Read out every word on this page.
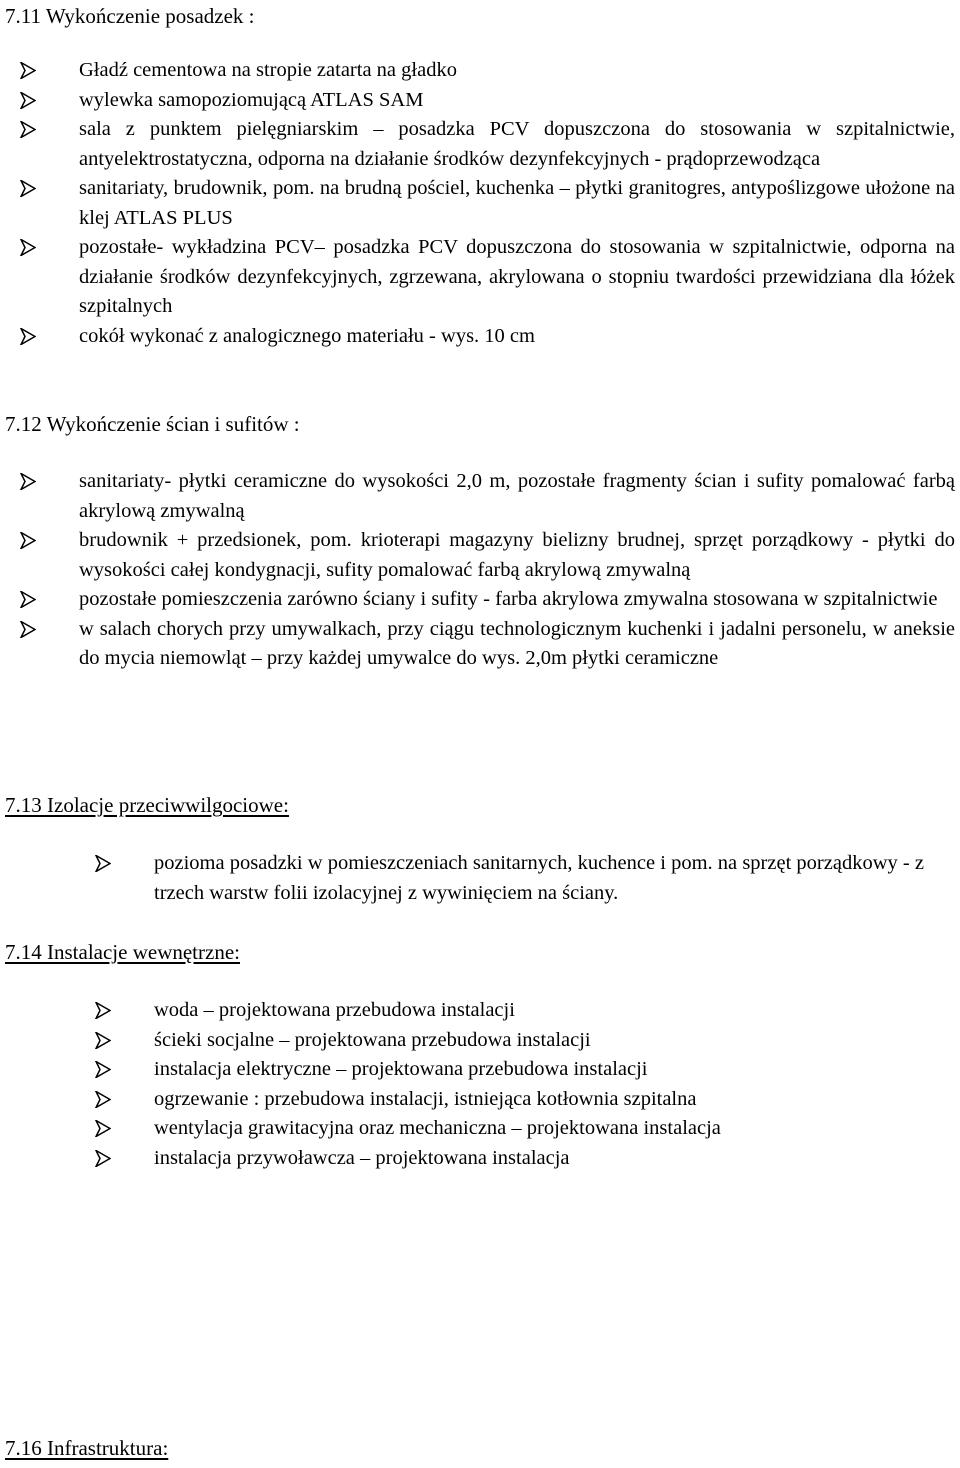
7.11 Wykończenie posadzek :
Gładź cementowa na stropie zatarta na gładko
wylewka samopoziomującą ATLAS SAM
sala z punktem pielęgniarskim – posadzka PCV dopuszczona do stosowania w szpitalnictwie, antyelektrostatyczna, odporna na działanie środków dezynfekcyjnych - prądoprzewodząca
sanitariaty, brudownik, pom. na brudną pościel, kuchenka – płytki granitogres, antypoślizgowe ułożone na klej ATLAS PLUS
pozostałe- wykładzina PCV– posadzka PCV dopuszczona do stosowania w szpitalnictwie, odporna na działanie środków dezynfekcyjnych, zgrzewana, akrylowana o stopniu twardości przewidziana dla łóżek szpitalnych
cokół wykonać z analogicznego materiału - wys. 10 cm
7.12 Wykończenie ścian i sufitów :
sanitariaty- płytki ceramiczne do wysokości 2,0 m, pozostałe fragmenty ścian i sufity pomalować farbą akrylową zmywalną
brudownik + przedsionek, pom. krioterapi magazyny bielizny brudnej, sprzęt porządkowy - płytki do wysokości całej kondygnacji, sufity pomalować farbą akrylową zmywalną
pozostałe pomieszczenia zarówno ściany i sufity - farba akrylowa zmywalna stosowana w szpitalnictwie
w salach chorych przy umywalkach, przy ciągu technologicznym kuchenki i jadalni personelu, w aneksie do mycia niemowląt – przy każdej umywalce do wys. 2,0m płytki ceramiczne
7.13 Izolacje przeciwwilgociowe:
pozioma posadzki w pomieszczeniach sanitarnych, kuchence i pom. na sprzęt porządkowy - z trzech warstw folii izolacyjnej z wywinięciem na ściany.
7.14 Instalacje wewnętrzne:
woda – projektowana przebudowa instalacji
ścieki socjalne – projektowana przebudowa instalacji
instalacja elektryczne – projektowana przebudowa instalacji
ogrzewanie : przebudowa instalacji, istniejąca kotłownia szpitalna
wentylacja grawitacyjna oraz mechaniczna – projektowana instalacja
instalacja przywoławcza – projektowana instalacja
7.16 Infrastruktura:
